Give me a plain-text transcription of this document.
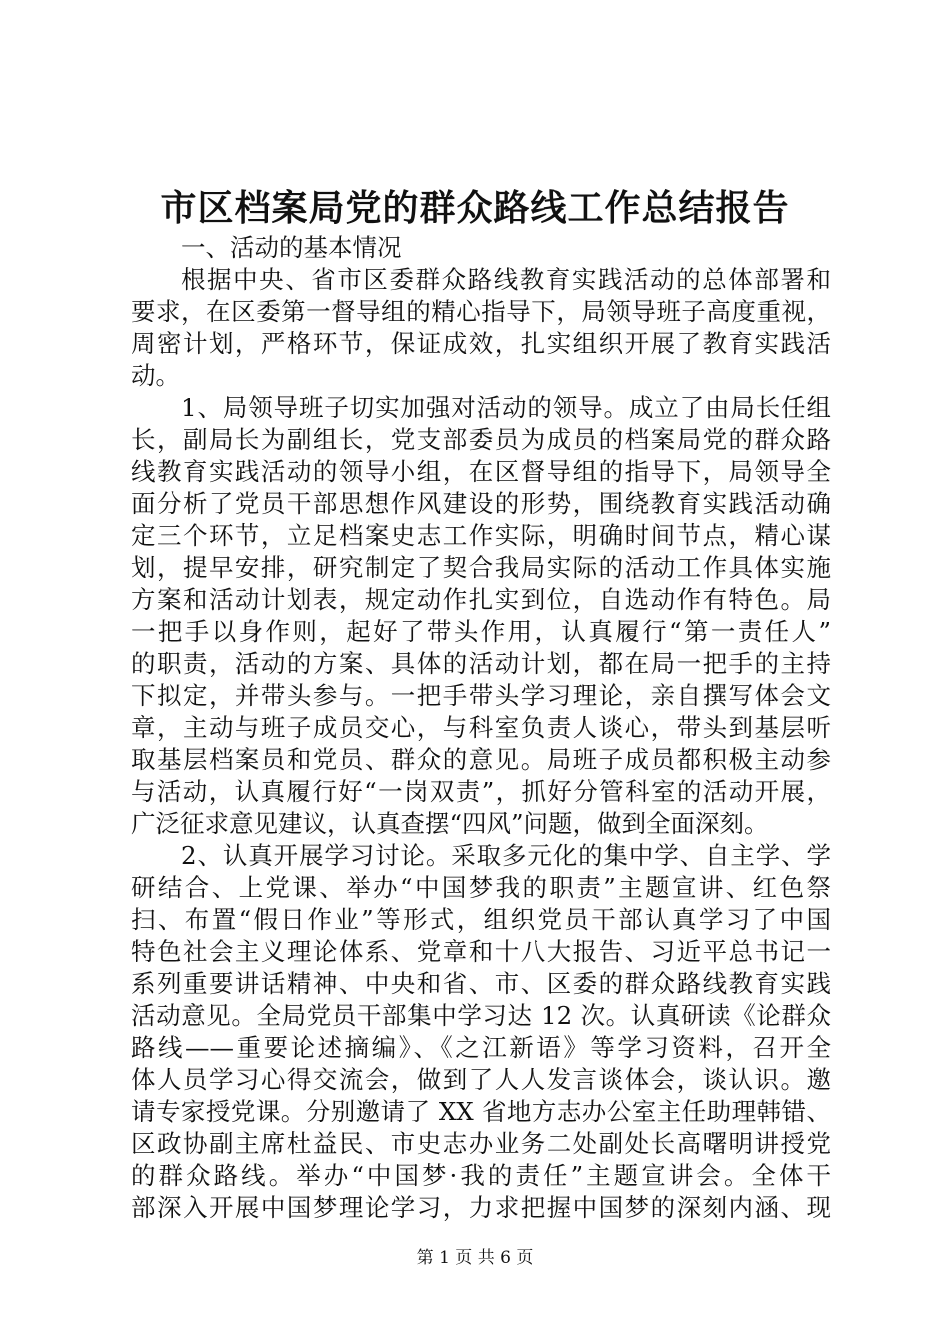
市区档案局党的群众路线工作总结报告
一、活动的基本情况
根据中央、省市区委群众路线教育实践活动的总体部署和
要求，在区委第一督导组的精心指导下，局领导班子高度重视，
周密计划，严格环节，保证成效，扎实组织开展了教育实践活
动。
1、局领导班子切实加强对活动的领导。成立了由局长任组
长，副局长为副组长，党支部委员为成员的档案局党的群众路
线教育实践活动的领导小组，在区督导组的指导下，局领导全
面分析了党员干部思想作风建设的形势，围绕教育实践活动确
定三个环节，立足档案史志工作实际，明确时间节点，精心谋
划，提早安排，研究制定了契合我局实际的活动工作具体实施
方案和活动计划表，规定动作扎实到位，自选动作有特色。局
一把手以身作则，起好了带头作用，认真履行“第一责任人”
的职责，活动的方案、具体的活动计划，都在局一把手的主持
下拟定，并带头参与。一把手带头学习理论，亲自撰写体会文
章，主动与班子成员交心，与科室负责人谈心，带头到基层听
取基层档案员和党员、群众的意见。局班子成员都积极主动参
与活动，认真履行好“一岗双责”，抓好分管科室的活动开展，
广泛征求意见建议，认真查摆“四风”问题，做到全面深刻。
2、认真开展学习讨论。采取多元化的集中学、自主学、学
研结合、上党课、举办“中国梦我的职责”主题宣讲、红色祭
扫、布置“假日作业”等形式，组织党员干部认真学习了中国
特色社会主义理论体系、党章和十八大报告、习近平总书记一
系列重要讲话精神、中央和省、市、区委的群众路线教育实践
活动意见。全局党员干部集中学习达 12 次。认真研读《论群众
路线——重要论述摘编》、《之江新语》等学习资料，召开全
体人员学习心得交流会，做到了人人发言谈体会，谈认识。邀
请专家授党课。分别邀请了 XX 省地方志办公室主任助理韩错、
区政协副主席杜益民、市史志办业务二处副处长高曙明讲授党
的群众路线。举办“中国梦·我的责任”主题宣讲会。全体干
部深入开展中国梦理论学习，力求把握中国梦的深刻内涵、现
第 1 页 共 6 页
